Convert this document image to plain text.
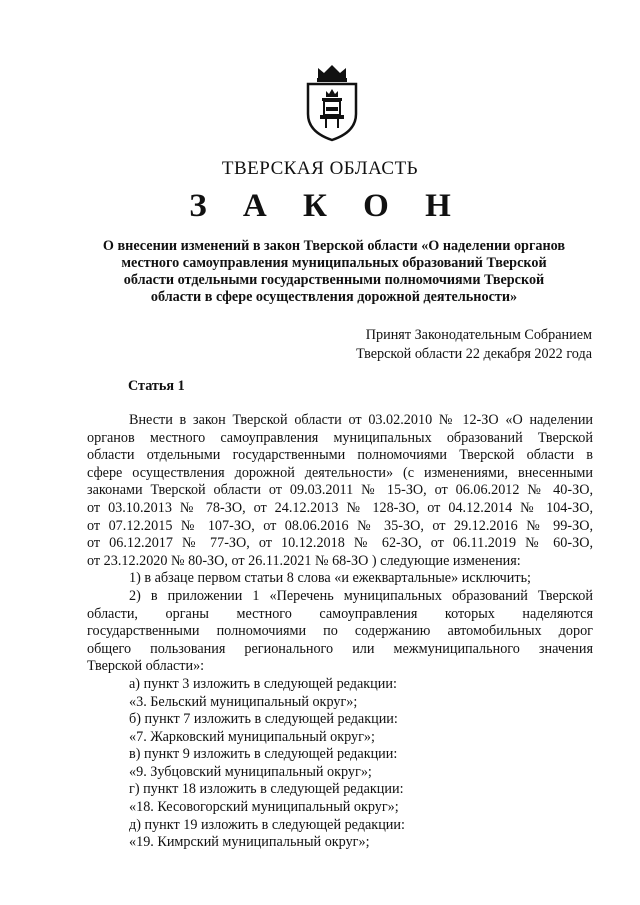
ТВЕРСКАЯ ОБЛАСТЬ
З А К О Н
О внесении изменений в закон Тверской области «О наделении органов
местного самоуправления муниципальных образований Тверской
области отдельными государственными полномочиями Тверской
области в сфере осуществления дорожной деятельности»
Принят Законодательным Собранием
Тверской области 22 декабря 2022 года
Статья 1

Внести в закон Тверской области от 03.02.2010 № 12-ЗО «О наделении

органов местного самоуправления муниципальных образований Тверской

области отдельными государственными полномочиями Тверской области в

сфере осуществления дорожной деятельности» (с изменениями, внесенными

законами Тверской области от 09.03.2011 № 15-ЗО, от 06.06.2012 № 40-ЗО,

от 03.10.2013 № 78-ЗО, от 24.12.2013 № 128-ЗО, от 04.12.2014 № 104-ЗО,

от 07.12.2015 № 107-ЗО, от 08.06.2016 № 35-ЗО, от 29.12.2016 № 99-ЗО,

от 06.12.2017 № 77-ЗО, от 10.12.2018 № 62-ЗО, от 06.11.2019 № 60-ЗО,

от 23.12.2020 № 80-ЗО, от 26.11.2021 № 68-ЗО ) следующие изменения:

1) в абзаце первом статьи 8 слова «и ежеквартальные» исключить;

2) в приложении 1 «Перечень муниципальных образований Тверской

области, органы местного самоуправления которых наделяются

государственными полномочиями по содержанию автомобильных дорог

общего пользования регионального или межмуниципального значения

Тверской области»:

а) пункт 3 изложить в следующей редакции:

«3. Бельский муниципальный округ»;

б) пункт 7 изложить в следующей редакции:

«7. Жарковский муниципальный округ»;

в) пункт 9 изложить в следующей редакции:

«9. Зубцовский муниципальный округ»;

г) пункт 18 изложить в следующей редакции:

«18. Кесовогорский муниципальный округ»;

д) пункт 19 изложить в следующей редакции:

«19. Кимрский муниципальный округ»;
